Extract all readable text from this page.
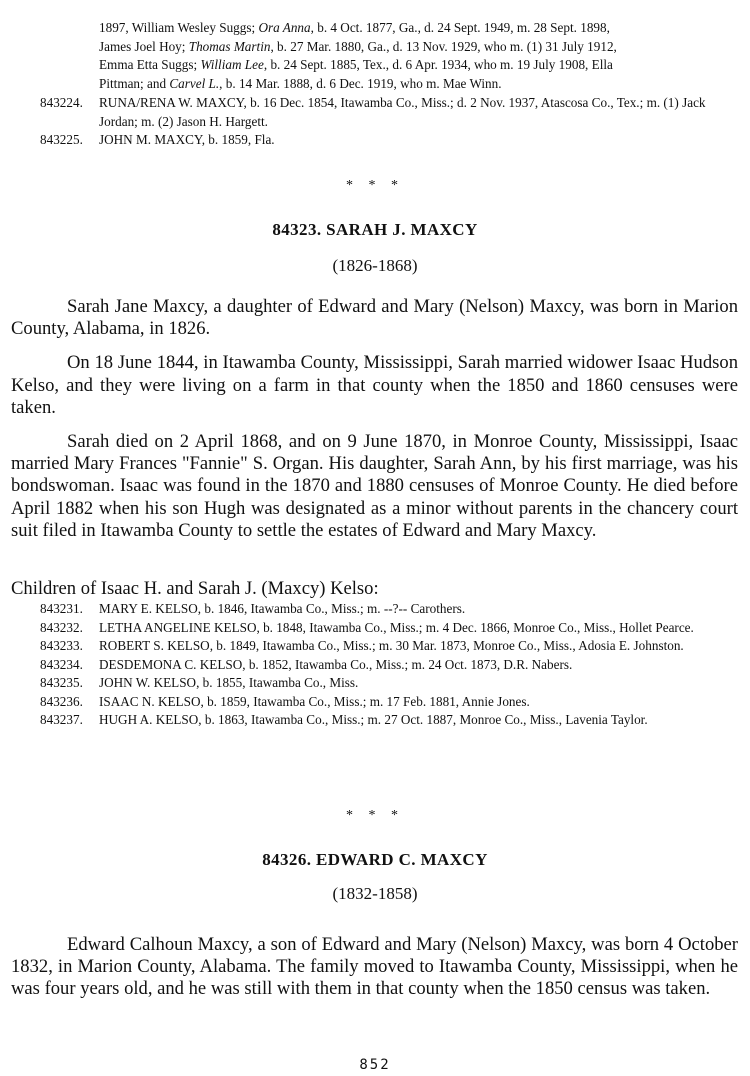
1897, William Wesley Suggs; Ora Anna, b. 4 Oct. 1877, Ga., d. 24 Sept. 1949, m. 28 Sept. 1898,
James Joel Hoy; Thomas Martin, b. 27 Mar. 1880, Ga., d. 13 Nov. 1929, who m. (1) 31 July 1912,
Emma Etta Suggs; William Lee, b. 24 Sept. 1885, Tex., d. 6 Apr. 1934, who m. 19 July 1908, Ella
Pittman; and Carvel L., b. 14 Mar. 1888, d. 6 Dec. 1919, who m. Mae Winn.
843224. RUNA/RENA W. MAXCY, b. 16 Dec. 1854, Itawamba Co., Miss.; d. 2 Nov. 1937, Atascosa Co., Tex.; m. (1) Jack Jordan; m. (2) Jason H. Hargett.
843225. JOHN M. MAXCY, b. 1859, Fla.
* * *
84323. SARAH J. MAXCY
(1826-1868)

Sarah Jane Maxcy, a daughter of Edward and Mary (Nelson) Maxcy, was born in Marion County, Alabama, in 1826.

On 18 June 1844, in Itawamba County, Mississippi, Sarah married widower Isaac Hudson Kelso, and they were living on a farm in that county when the 1850 and 1860 censuses were taken.

Sarah died on 2 April 1868, and on 9 June 1870, in Monroe County, Mississippi, Isaac married Mary Frances "Fannie" S. Organ. His daughter, Sarah Ann, by his first marriage, was his bondswoman. Isaac was found in the 1870 and 1880 censuses of Monroe County. He died before April 1882 when his son Hugh was designated as a minor without parents in the chancery court suit filed in Itawamba County to settle the estates of Edward and Mary Maxcy.

Children of Isaac H. and Sarah J. (Maxcy) Kelso:
843231. MARY E. KELSO, b. 1846, Itawamba Co., Miss.; m. --?-- Carothers.
843232. LETHA ANGELINE KELSO, b. 1848, Itawamba Co., Miss.; m. 4 Dec. 1866, Monroe Co., Miss., Hollet Pearce.
843233. ROBERT S. KELSO, b. 1849, Itawamba Co., Miss.; m. 30 Mar. 1873, Monroe Co., Miss., Adosia E. Johnston.
843234. DESDEMONA C. KELSO, b. 1852, Itawamba Co., Miss.; m. 24 Oct. 1873, D.R. Nabers.
843235. JOHN W. KELSO, b. 1855, Itawamba Co., Miss.
843236. ISAAC N. KELSO, b. 1859, Itawamba Co., Miss.; m. 17 Feb. 1881, Annie Jones.
843237. HUGH A. KELSO, b. 1863, Itawamba Co., Miss.; m. 27 Oct. 1887, Monroe Co., Miss., Lavenia Taylor.
* * *
84326. EDWARD C. MAXCY
(1832-1858)

Edward Calhoun Maxcy, a son of Edward and Mary (Nelson) Maxcy, was born 4 October 1832, in Marion County, Alabama. The family moved to Itawamba County, Mississippi, when he was four years old, and he was still with them in that county when the 1850 census was taken.

852
